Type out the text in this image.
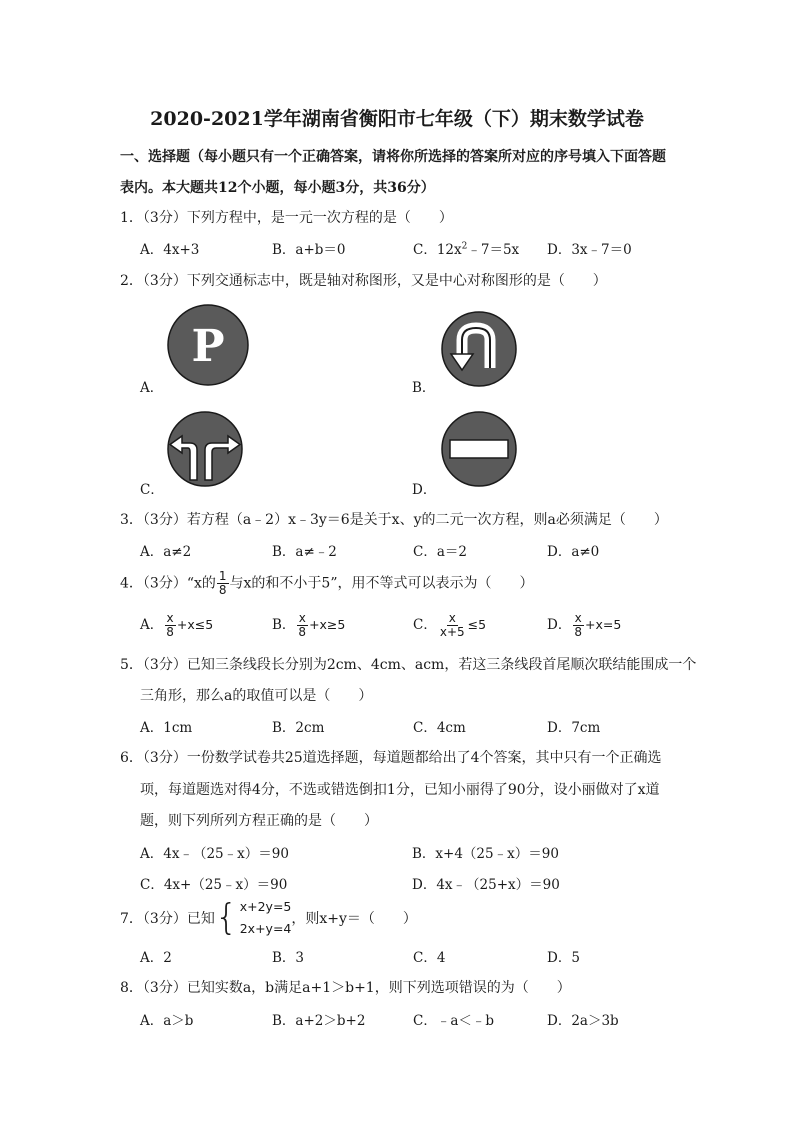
2020-2021学年湖南省衡阳市七年级（下）期末数学试卷
一、选择题（每小题只有一个正确答案，请将你所选择的答案所对应的序号填入下面答题
表内。本大题共12个小题，每小题3分，共36分）
1．（3分）下列方程中，是一元一次方程的是（　　）
A．4x+3	B．a+b＝0	C．$12x^2﹣7=5x$ D．3x﹣7＝0
2．（3分）下列交通标志中，既是轴对称图形，又是中心对称图形的是（　　）
P
A．	B．
C．	D．
3．（3分）若方程（a﹣2）x﹣3y＝6是关于x、y的二元一次方程，则a必须满足（　　）
A．a≠2	B．a≠﹣2	C．a＝2	D．a≠0
4．（3分）“x的 $\frac{1}{8}$ 与x的和不小于5”，用不等式可以表示为（　　）
A． $\frac{x}{8} +x\le 5$	B． $\frac{x}{8} +x\ge 5$	C． $\frac{x}{x+5} \le 5$	D． $\frac{x}{8} +x=5$
5．（3分）已知三条线段长分别为2cm、4cm、acm，若这三条线段首尾顺次联结能围成一个
三角形，那么a的取值可以是（　　）
A．1cm	B．2cm	C．4cm	D．7cm
6．（3分）一份数学试卷共25道选择题，每道题都给出了4个答案，其中只有一个正确选
项，每道题选对得4分，不选或错选倒扣1分，已知小丽得了90分，设小丽做对了x道
题，则下列所列方程正确的是（　　）
A．4x﹣（25﹣x）＝90	B．x+4（25﹣x）＝90
C．4x+（25﹣x）＝90	D．4x﹣（25+x）＝90
7．（3分）已知 { x+2y=5
2x+y=4
，则x+y＝（　　）
A．2	B．3	C．4	D．5
8．（3分）已知实数a，b满足a+1＞b+1，则下列选项错误的为（　　）
A．a＞b	B．a+2＞b+2	C．﹣a＜﹣b	D．2a＞3b
